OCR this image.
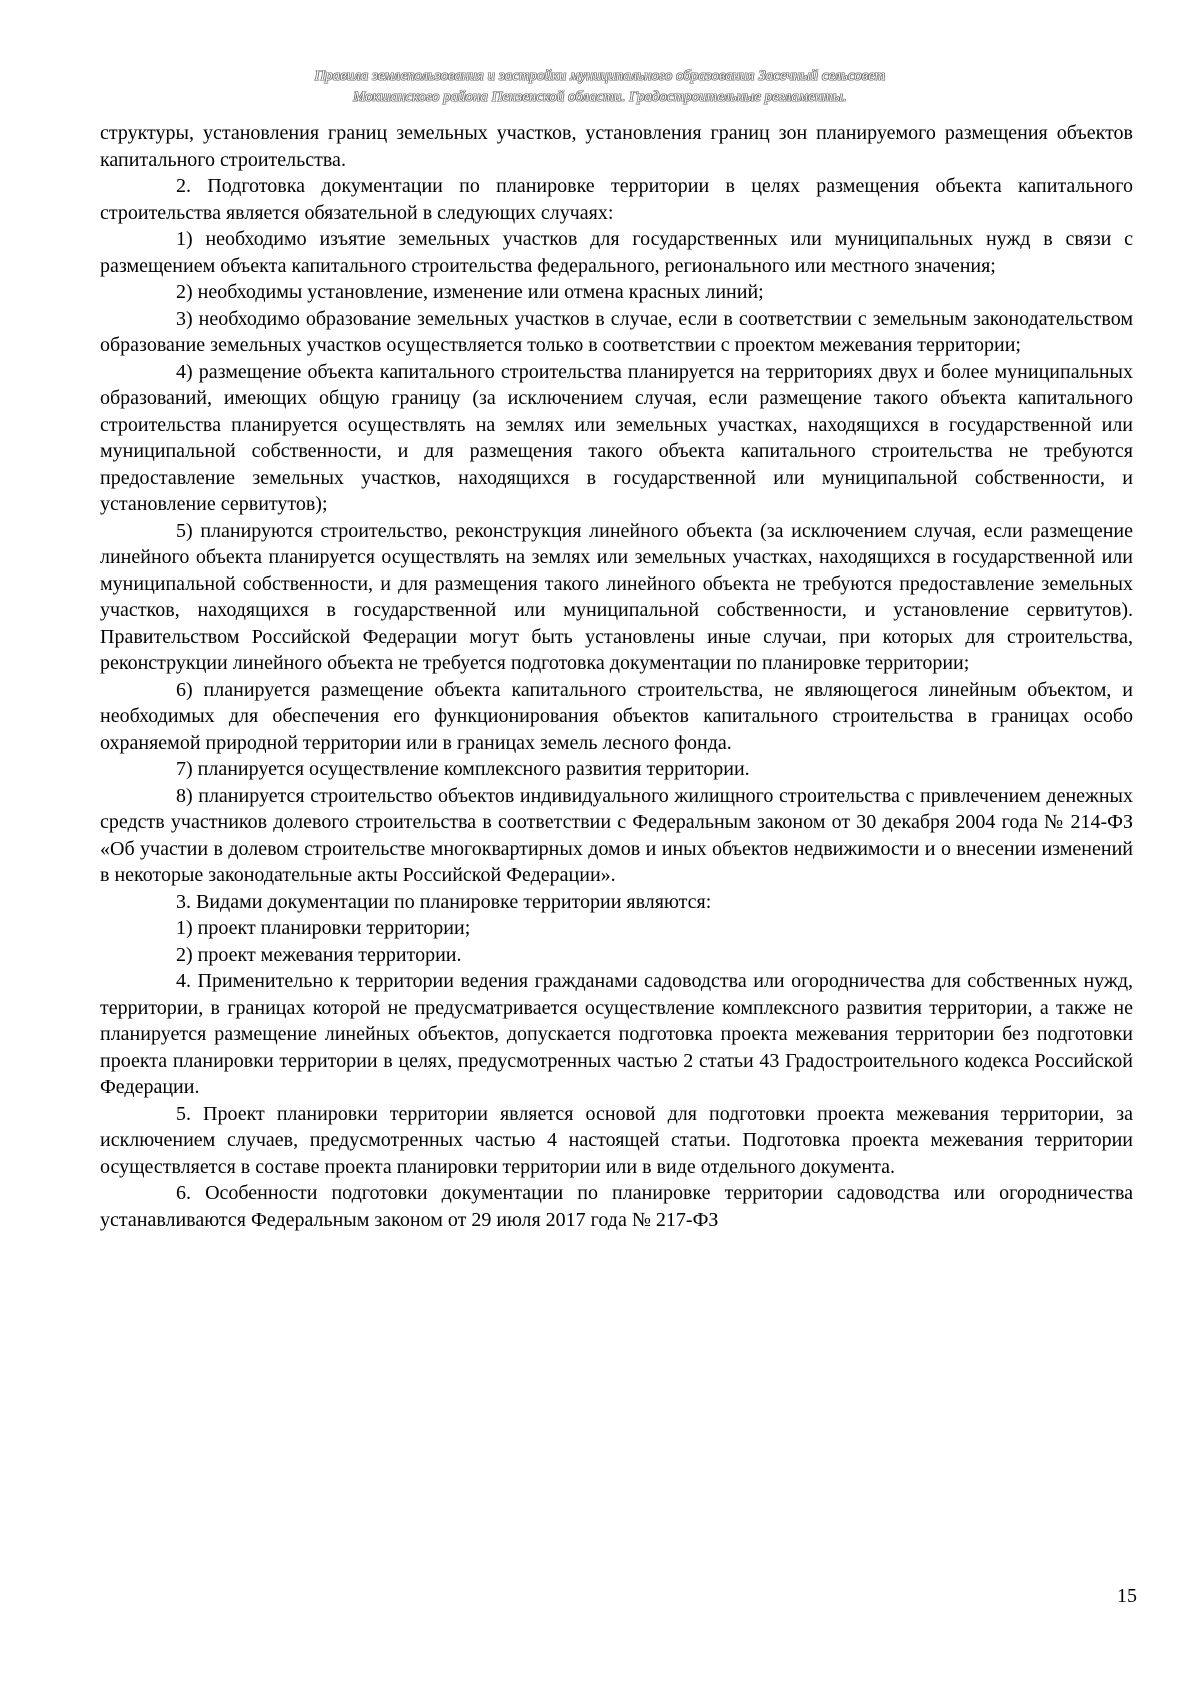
Правила землепользования и застройки муниципального образования Засечный сельсовет
Мокшанского района Пензенской области. Градостроительные регламенты.

структуры, установления границ земельных участков, установления границ зон планируемого размещения объектов капитального строительства.

2. Подготовка документации по планировке территории в целях размещения объекта капитального строительства является обязательной в следующих случаях:

1) необходимо изъятие земельных участков для государственных или муниципальных нужд в связи с размещением объекта капитального строительства федерального, регионального или местного значения;

2) необходимы установление, изменение или отмена красных линий;

3) необходимо образование земельных участков в случае, если в соответствии с земельным законодательством образование земельных участков осуществляется только в соответствии с проектом межевания территории;

4) размещение объекта капитального строительства планируется на территориях двух и более муниципальных образований, имеющих общую границу (за исключением случая, если размещение такого объекта капитального строительства планируется осуществлять на землях или земельных участках, находящихся в государственной или муниципальной собственности, и для размещения такого объекта капитального строительства не требуются предоставление земельных участков, находящихся в государственной или муниципальной собственности, и установление сервитутов);

5) планируются строительство, реконструкция линейного объекта (за исключением случая, если размещение линейного объекта планируется осуществлять на землях или земельных участках, находящихся в государственной или муниципальной собственности, и для размещения такого линейного объекта не требуются предоставление земельных участков, находящихся в государственной или муниципальной собственности, и установление сервитутов). Правительством Российской Федерации могут быть установлены иные случаи, при которых для строительства, реконструкции линейного объекта не требуется подготовка документации по планировке территории;

6) планируется размещение объекта капитального строительства, не являющегося линейным объектом, и необходимых для обеспечения его функционирования объектов капитального строительства в границах особо охраняемой природной территории или в границах земель лесного фонда.

7) планируется осуществление комплексного развития территории.

8) планируется строительство объектов индивидуального жилищного строительства с привлечением денежных средств участников долевого строительства в соответствии с Федеральным законом от 30 декабря 2004 года № 214-ФЗ «Об участии в долевом строительстве многоквартирных домов и иных объектов недвижимости и о внесении изменений в некоторые законодательные акты Российской Федерации».

3. Видами документации по планировке территории являются:

1) проект планировки территории;

2) проект межевания территории.

4. Применительно к территории ведения гражданами садоводства или огородничества для собственных нужд, территории, в границах которой не предусматривается осуществление комплексного развития территории, а также не планируется размещение линейных объектов, допускается подготовка проекта межевания территории без подготовки проекта планировки территории в целях, предусмотренных частью 2 статьи 43 Градостроительного кодекса Российской Федерации.

5. Проект планировки территории является основой для подготовки проекта межевания территории, за исключением случаев, предусмотренных частью 4 настоящей статьи. Подготовка проекта межевания территории осуществляется в составе проекта планировки территории или в виде отдельного документа.

6. Особенности подготовки документации по планировке территории садоводства или огородничества устанавливаются Федеральным законом от 29 июля 2017 года № 217-ФЗ

15
